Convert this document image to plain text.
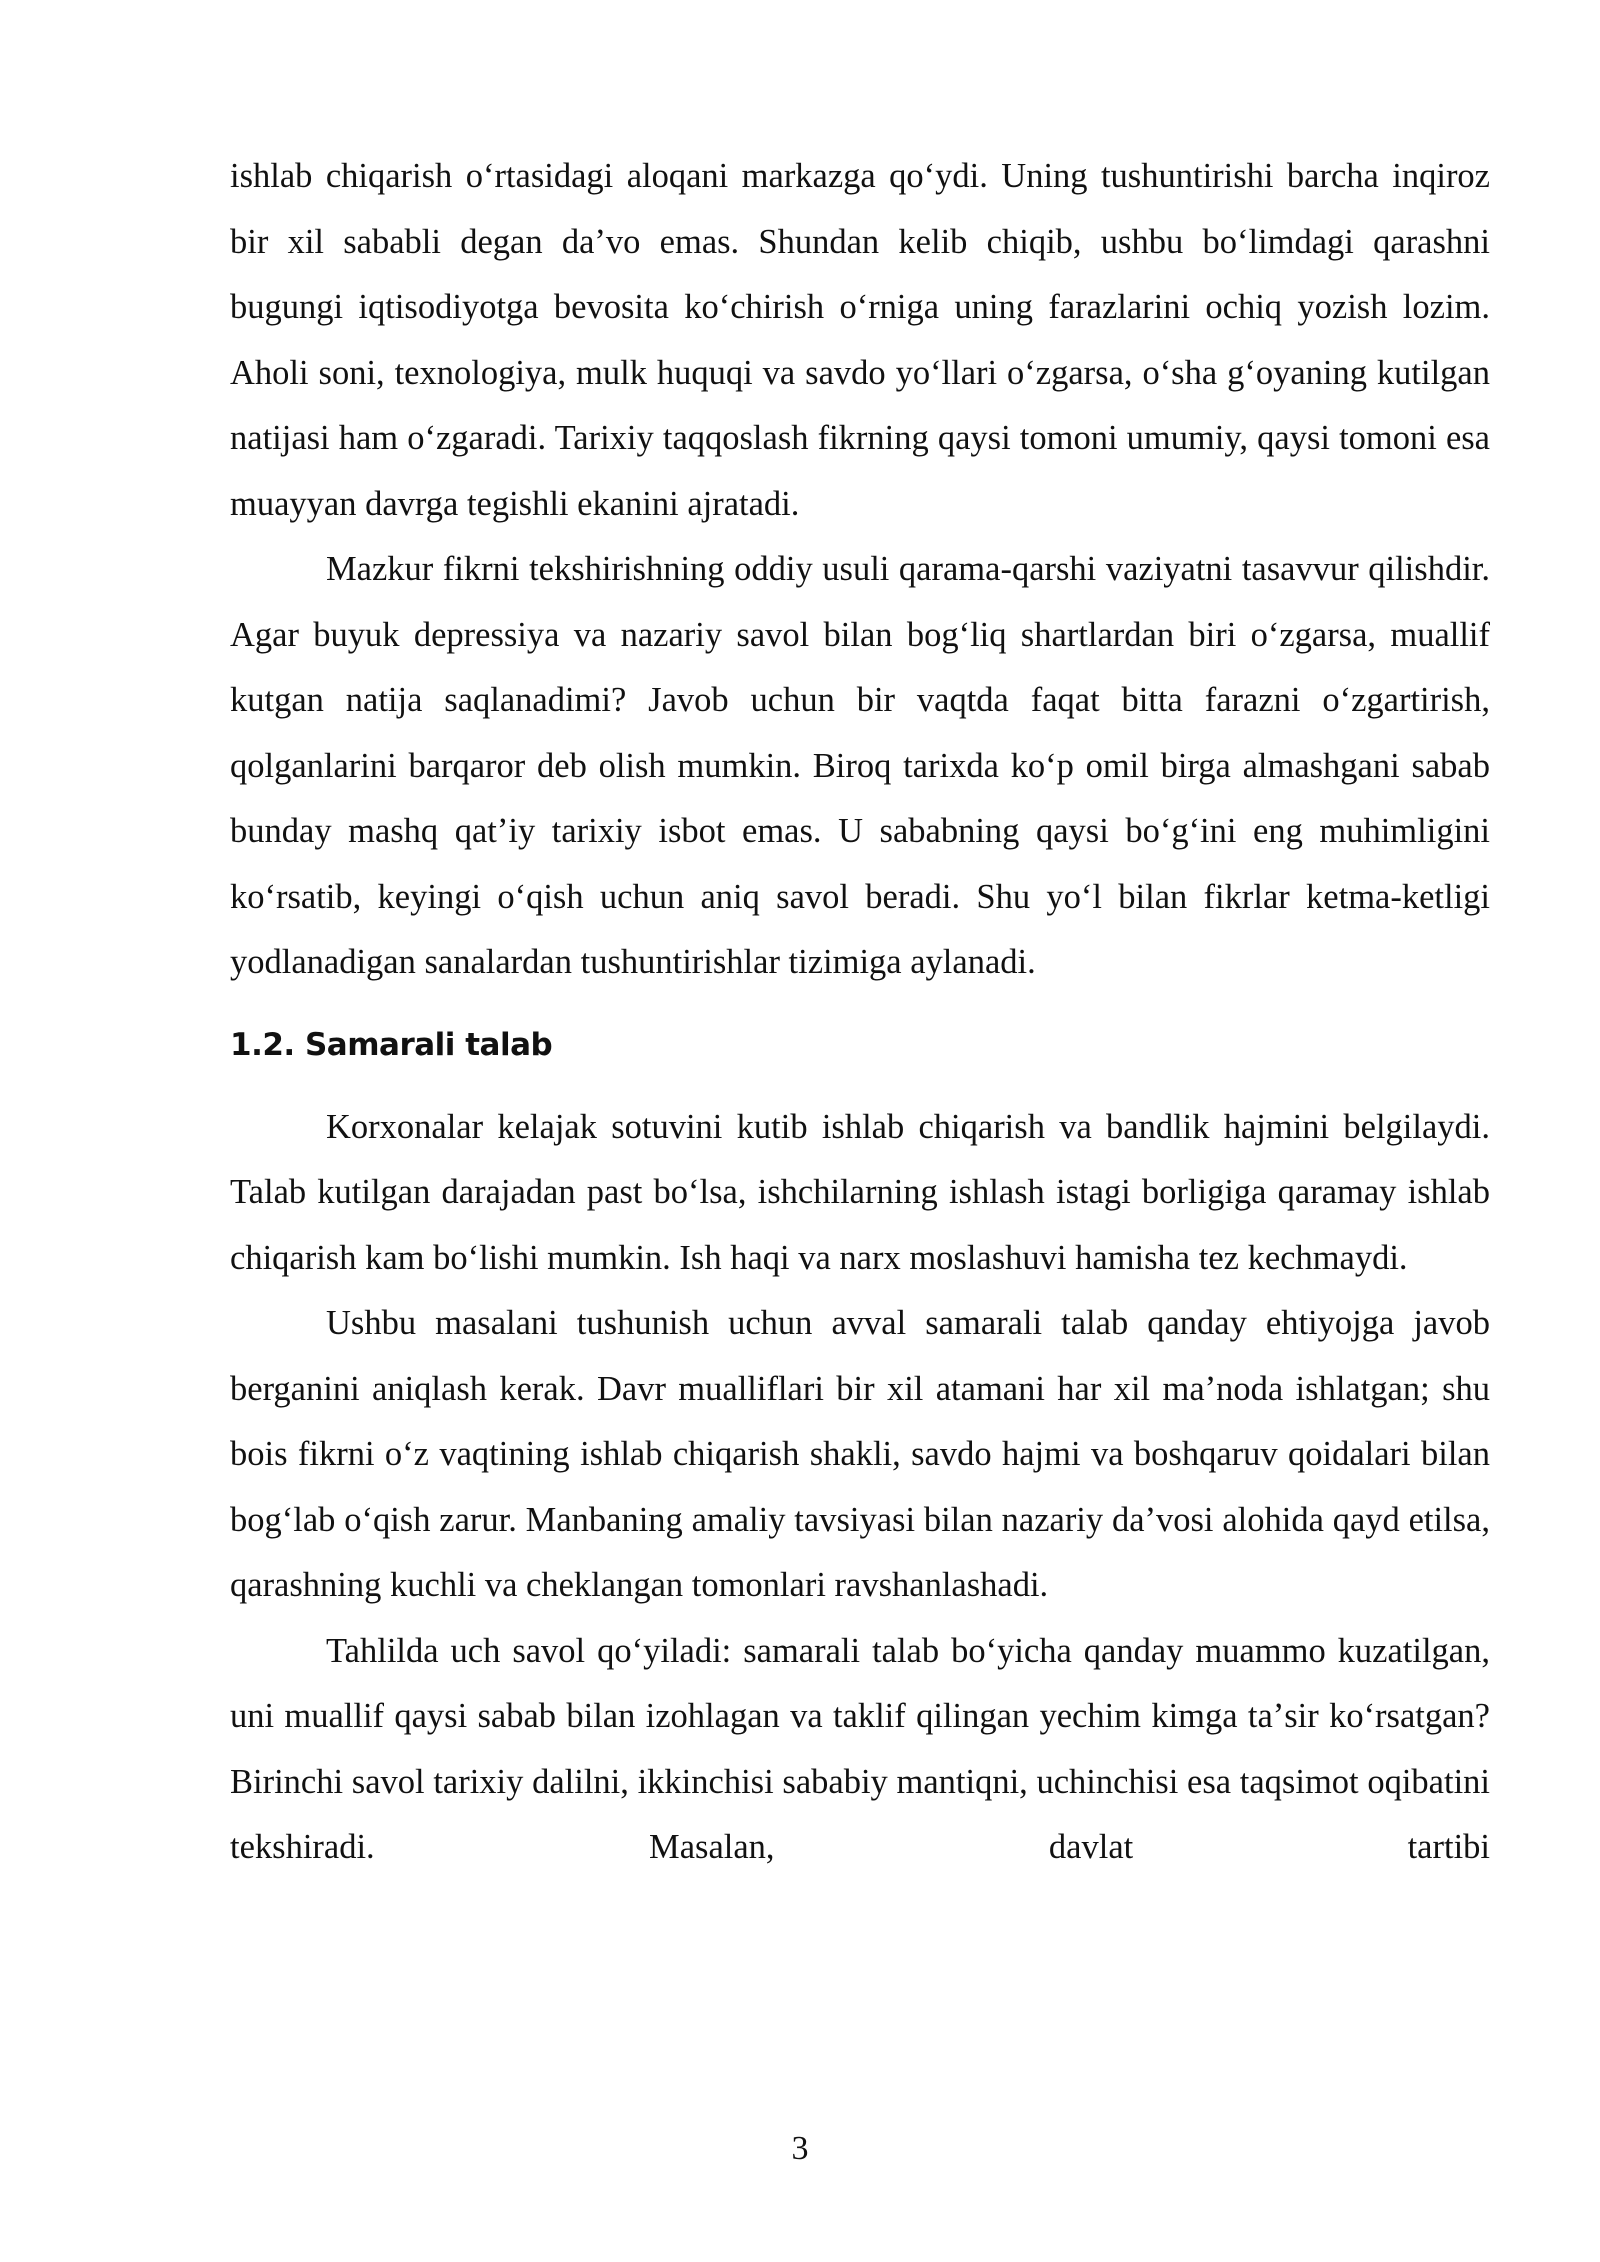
ishlab chiqarish oʻrtasidagi aloqani markazga qoʻydi. Uning tushuntirishi barcha inqiroz bir xil sababli degan daʼvo emas. Shundan kelib chiqib, ushbu boʻlimdagi qarashni bugungi iqtisodiyotga bevosita koʻchirish oʻrniga uning farazlarini ochiq yozish lozim. Aholi soni, texnologiya, mulk huquqi va savdo yoʻllari oʻzgarsa, oʻsha gʻoyaning kutilgan natijasi ham oʻzgaradi. Tarixiy taqqoslash fikrning qaysi tomoni umumiy, qaysi tomoni esa muayyan davrga tegishli ekanini ajratadi.

Mazkur fikrni tekshirishning oddiy usuli qarama-qarshi vaziyatni tasavvur qilishdir. Agar buyuk depressiya va nazariy savol bilan bogʻliq shartlardan biri oʻzgarsa, muallif kutgan natija saqlanadimi? Javob uchun bir vaqtda faqat bitta farazni oʻzgartirish, qolganlarini barqaror deb olish mumkin. Biroq tarixda koʻp omil birga almashgani sabab bunday mashq qatʼiy tarixiy isbot emas. U sababning qaysi boʻgʻini eng muhimligini koʻrsatib, keyingi oʻqish uchun aniq savol beradi. Shu yoʻl bilan fikrlar ketma-ketligi yodlanadigan sanalardan tushuntirishlar tizimiga aylanadi.

1.2. Samarali talab

Korxonalar kelajak sotuvini kutib ishlab chiqarish va bandlik hajmini belgilaydi. Talab kutilgan darajadan past boʻlsa, ishchilarning ishlash istagi borligiga qaramay ishlab chiqarish kam boʻlishi mumkin. Ish haqi va narx moslashuvi hamisha tez kechmaydi.

Ushbu masalani tushunish uchun avval samarali talab qanday ehtiyojga javob berganini aniqlash kerak. Davr mualliflari bir xil atamani har xil maʼnoda ishlatgan; shu bois fikrni oʻz vaqtining ishlab chiqarish shakli, savdo hajmi va boshqaruv qoidalari bilan bogʻlab oʻqish zarur. Manbaning amaliy tavsiyasi bilan nazariy daʼvosi alohida qayd etilsa, qarashning kuchli va cheklangan tomonlari ravshanlashadi.

Tahlilda uch savol qoʻyiladi: samarali talab boʻyicha qanday muammo kuzatilgan, uni muallif qaysi sabab bilan izohlagan va taklif qilingan yechim kimga taʼsir koʻrsatgan? Birinchi savol tarixiy dalilni, ikkinchisi sababiy mantiqni, uchinchisi esa taqsimot oqibatini tekshiradi. Masalan, davlat tartibi

3
